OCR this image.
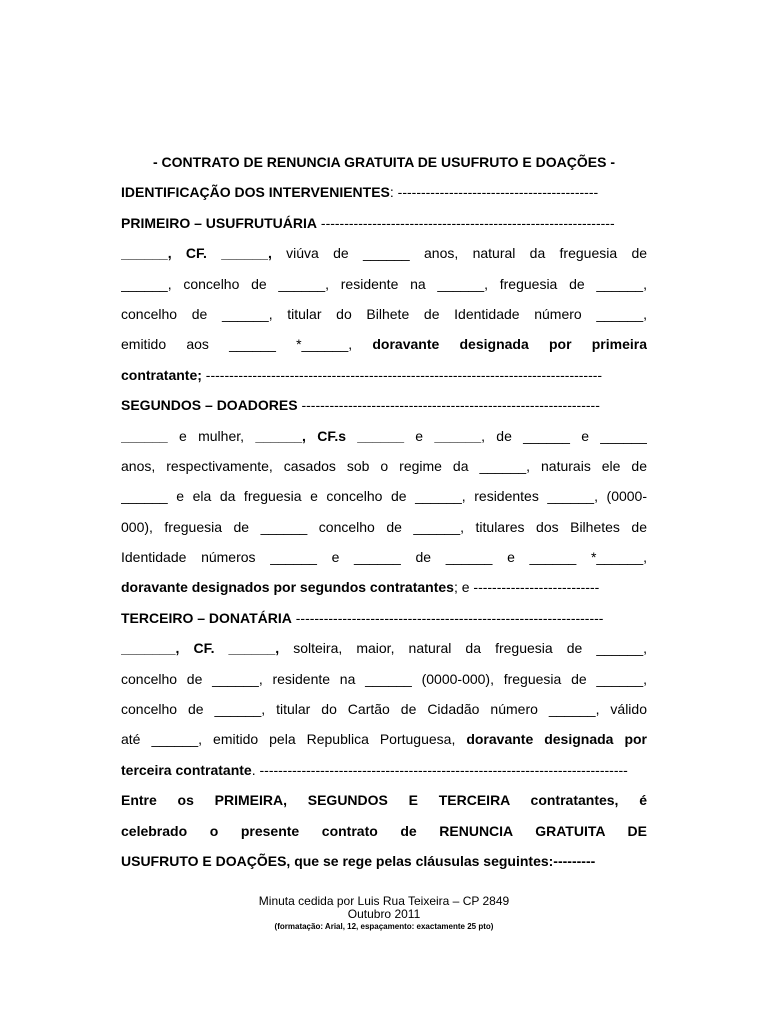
- CONTRATO DE RENUNCIA GRATUITA DE USUFRUTO E DOAÇÕES -
IDENTIFICAÇÃO DOS INTERVENIENTES: -------------------------------------------
PRIMEIRO – USUFRUTUÁRIA ---------------------------------------------------------------
______, CF. ______, viúva de ______ anos, natural da freguesia de
______, concelho de ______, residente na ______, freguesia de ______,
concelho de ______, titular do Bilhete de Identidade número ______,
emitido aos ______ *______, doravante designada por primeira
contratante; -------------------------------------------------------------------------------------
SEGUNDOS – DOADORES ----------------------------------------------------------------
______ e mulher, ______, CF.s ______ e ______, de ______ e ______
anos, respectivamente, casados sob o regime da ______, naturais ele de
______ e ela da freguesia e concelho de ______, residentes ______, (0000-
000), freguesia de ______ concelho de ______, titulares dos Bilhetes de
Identidade números ______ e ______ de ______ e ______ *______,
doravante designados por segundos contratantes; e ---------------------------
TERCEIRO – DONATÁRIA ------------------------------------------------------------------
_______, CF. ______, solteira, maior, natural da freguesia de ______,
concelho de ______, residente na ______ (0000-000), freguesia de ______,
concelho de ______, titular do Cartão de Cidadão número ______, válido
até ______, emitido pela Republica Portuguesa, doravante designada por
terceira contratante. -------------------------------------------------------------------------------
Entre os PRIMEIRA, SEGUNDOS E TERCEIRA contratantes, é
celebrado o presente contrato de RENUNCIA GRATUITA DE
USUFRUTO E DOAÇÕES, que se rege pelas cláusulas seguintes:---------
Minuta cedida por Luis Rua Teixeira – CP 2849
Outubro 2011
(formatação: Arial, 12, espaçamento: exactamente 25 pto)
